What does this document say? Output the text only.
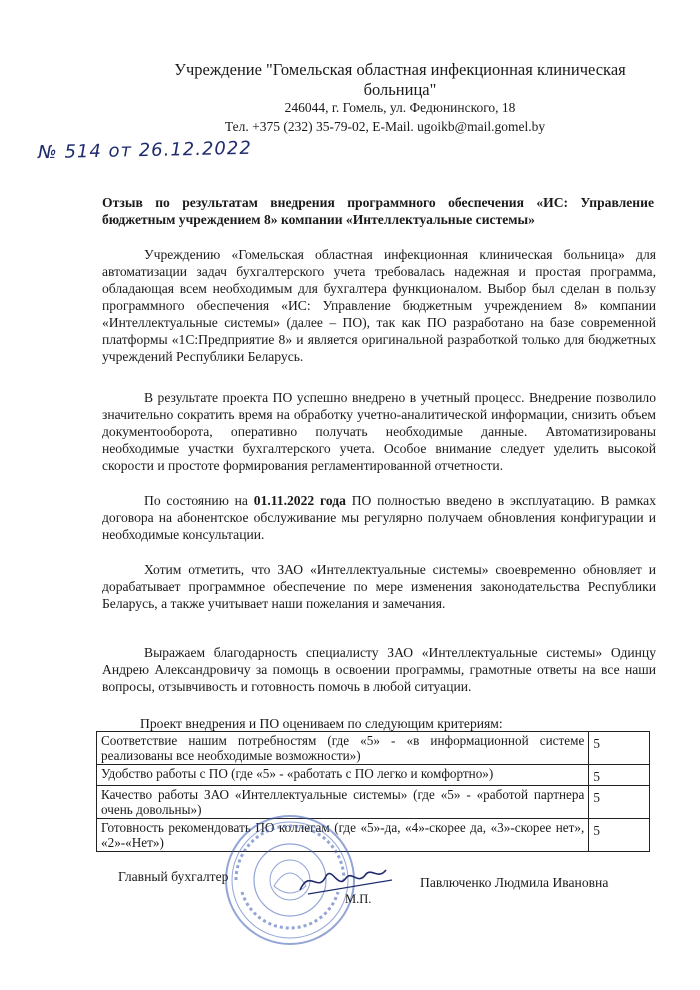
Учреждение "Гомельская областная инфекционная клиническая больница"
246044, г. Гомель, ул. Федюнинского, 18
Тел. +375 (232) 35-79-02, E-Mail. ugoikb@mail.gomel.by
№ 514 от 26.12.2022
Отзыв по результатам внедрения программного обеспечения «ИС: Управление бюджетным учреждением 8» компании «Интеллектуальные системы»

Учреждению «Гомельская областная инфекционная клиническая больница» для автоматизации задач бухгалтерского учета требовалась надежная и простая программа, обладающая всем необходимым для бухгалтера функционалом. Выбор был сделан в пользу программного обеспечения «ИС: Управление бюджетным учреждением 8» компании «Интеллектуальные системы» (далее – ПО), так как ПО разработано на базе современной платформы «1С:Предприятие 8» и является оригинальной разработкой только для бюджетных учреждений Республики Беларусь.

В результате проекта ПО успешно внедрено в учетный процесс. Внедрение позволило значительно сократить время на обработку учетно-аналитической информации, снизить объем документооборота, оперативно получать необходимые данные. Автоматизированы необходимые участки бухгалтерского учета. Особое внимание следует уделить высокой скорости и простоте формирования регламентированной отчетности.

По состоянию на 01.11.2022 года ПО полностью введено в эксплуатацию. В рамках договора на абонентское обслуживание мы регулярно получаем обновления конфигурации и необходимые консультации.

Хотим отметить, что ЗАО «Интеллектуальные системы» своевременно обновляет и дорабатывает программное обеспечение по мере изменения законодательства Республики Беларусь, а также учитывает наши пожелания и замечания.

Выражаем благодарность специалисту ЗАО «Интеллектуальные системы» Одинцу Андрею Александровичу за помощь в освоении программы, грамотные ответы на все наши вопросы, отзывчивость и готовность помочь в любой ситуации.

Проект внедрения и ПО оцениваем по следующим критериям:
Соответствие нашим потребностям (где «5» - «в информационной системе реализованы все необходимые возможности»)	5
Удобство работы с ПО (где «5» - «работать с ПО легко и комфортно»)	5
Качество работы ЗАО «Интеллектуальные системы» (где «5» - «работой партнера очень довольны»)	5
Готовность рекомендовать ПО коллегам (где «5»-да, «4»-скорее да, «3»-скорее нет», «2»-«Нет»)	5
Главный бухгалтер	Павлюченко Людмила Ивановна
М.П.
